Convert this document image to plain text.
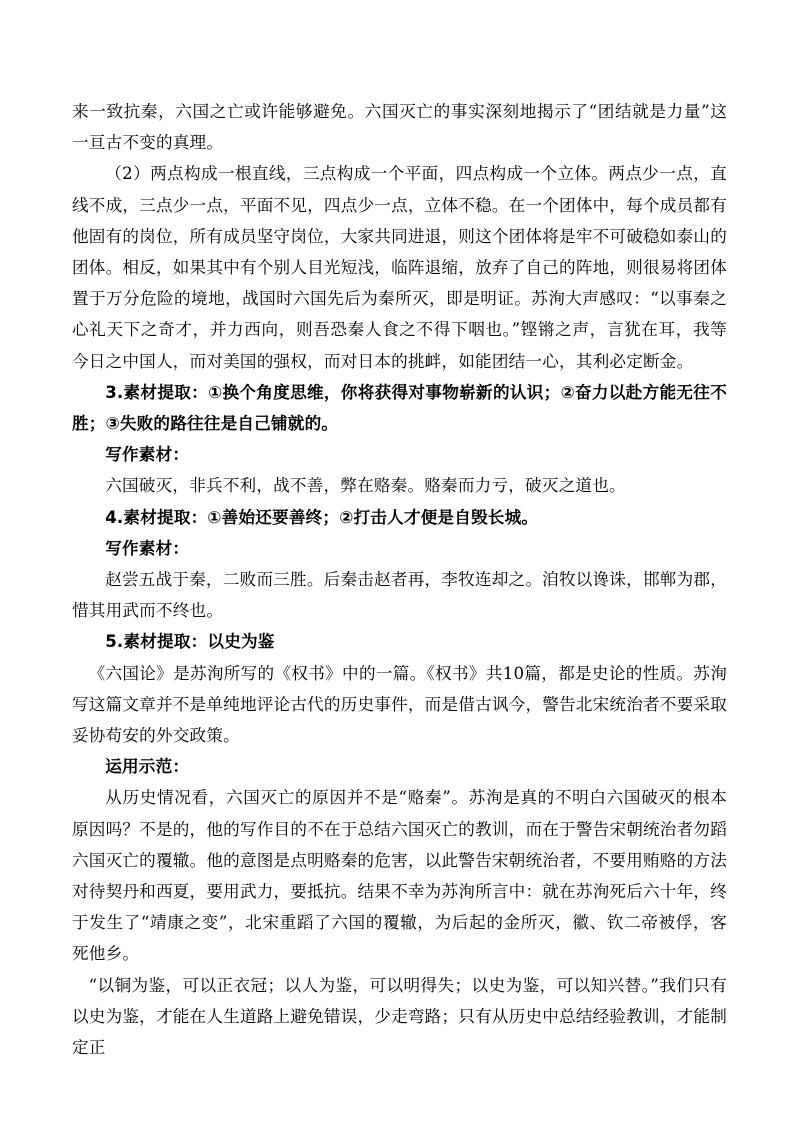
来一致抗秦，六国之亡或许能够避免。六国灭亡的事实深刻地揭示了“团结就是力量”这一亘古不变的真理。

（2）两点构成一根直线，三点构成一个平面，四点构成一个立体。两点少一点，直线不成，三点少一点，平面不见，四点少一点，立体不稳。在一个团体中，每个成员都有他固有的岗位，所有成员坚守岗位，大家共同进退，则这个团体将是牢不可破稳如泰山的团体。相反，如果其中有个别人目光短浅，临阵退缩，放弃了自己的阵地，则很易将团体置于万分危险的境地，战国时六国先后为秦所灭，即是明证。苏洵大声感叹：“以事秦之心礼天下之奇才，并力西向，则吾恐秦人食之不得下咽也。”铿锵之声，言犹在耳，我等今日之中国人，而对美国的强权，而对日本的挑衅，如能团结一心，其利必定断金。

3.素材提取：①换个角度思维，你将获得对事物崭新的认识；②奋力以赴方能无往不胜；③失败的路往往是自己铺就的。

写作素材：

六国破灭，非兵不利，战不善，弊在赂秦。赂秦而力亏，破灭之道也。

4.素材提取：①善始还要善终；②打击人才便是自毁长城。

写作素材：

赵尝五战于秦，二败而三胜。后秦击赵者再，李牧连却之。洎牧以谗诛，邯郸为郡，惜其用武而不终也。

5.素材提取：以史为鉴

《六国论》是苏洵所写的《权书》中的一篇。《权书》共10篇，都是史论的性质。苏洵写这篇文章并不是单纯地评论古代的历史事件，而是借古讽今，警告北宋统治者不要采取妥协苟安的外交政策。

运用示范：

从历史情况看，六国灭亡的原因并不是“赂秦”。苏洵是真的不明白六国破灭的根本原因吗？不是的，他的写作目的不在于总结六国灭亡的教训，而在于警告宋朝统治者勿蹈六国灭亡的覆辙。他的意图是点明赂秦的危害，以此警告宋朝统治者，不要用贿赂的方法对待契丹和西夏，要用武力，要抵抗。结果不幸为苏洵所言中：就在苏洵死后六十年，终于发生了“靖康之变”，北宋重蹈了六国的覆辙，为后起的金所灭，徽、钦二帝被俘，客死他乡。

“以铜为鉴，可以正衣冠；以人为鉴，可以明得失；以史为鉴，可以知兴替。”我们只有以史为鉴，才能在人生道路上避免错误，少走弯路；只有从历史中总结经验教训，才能制定正
